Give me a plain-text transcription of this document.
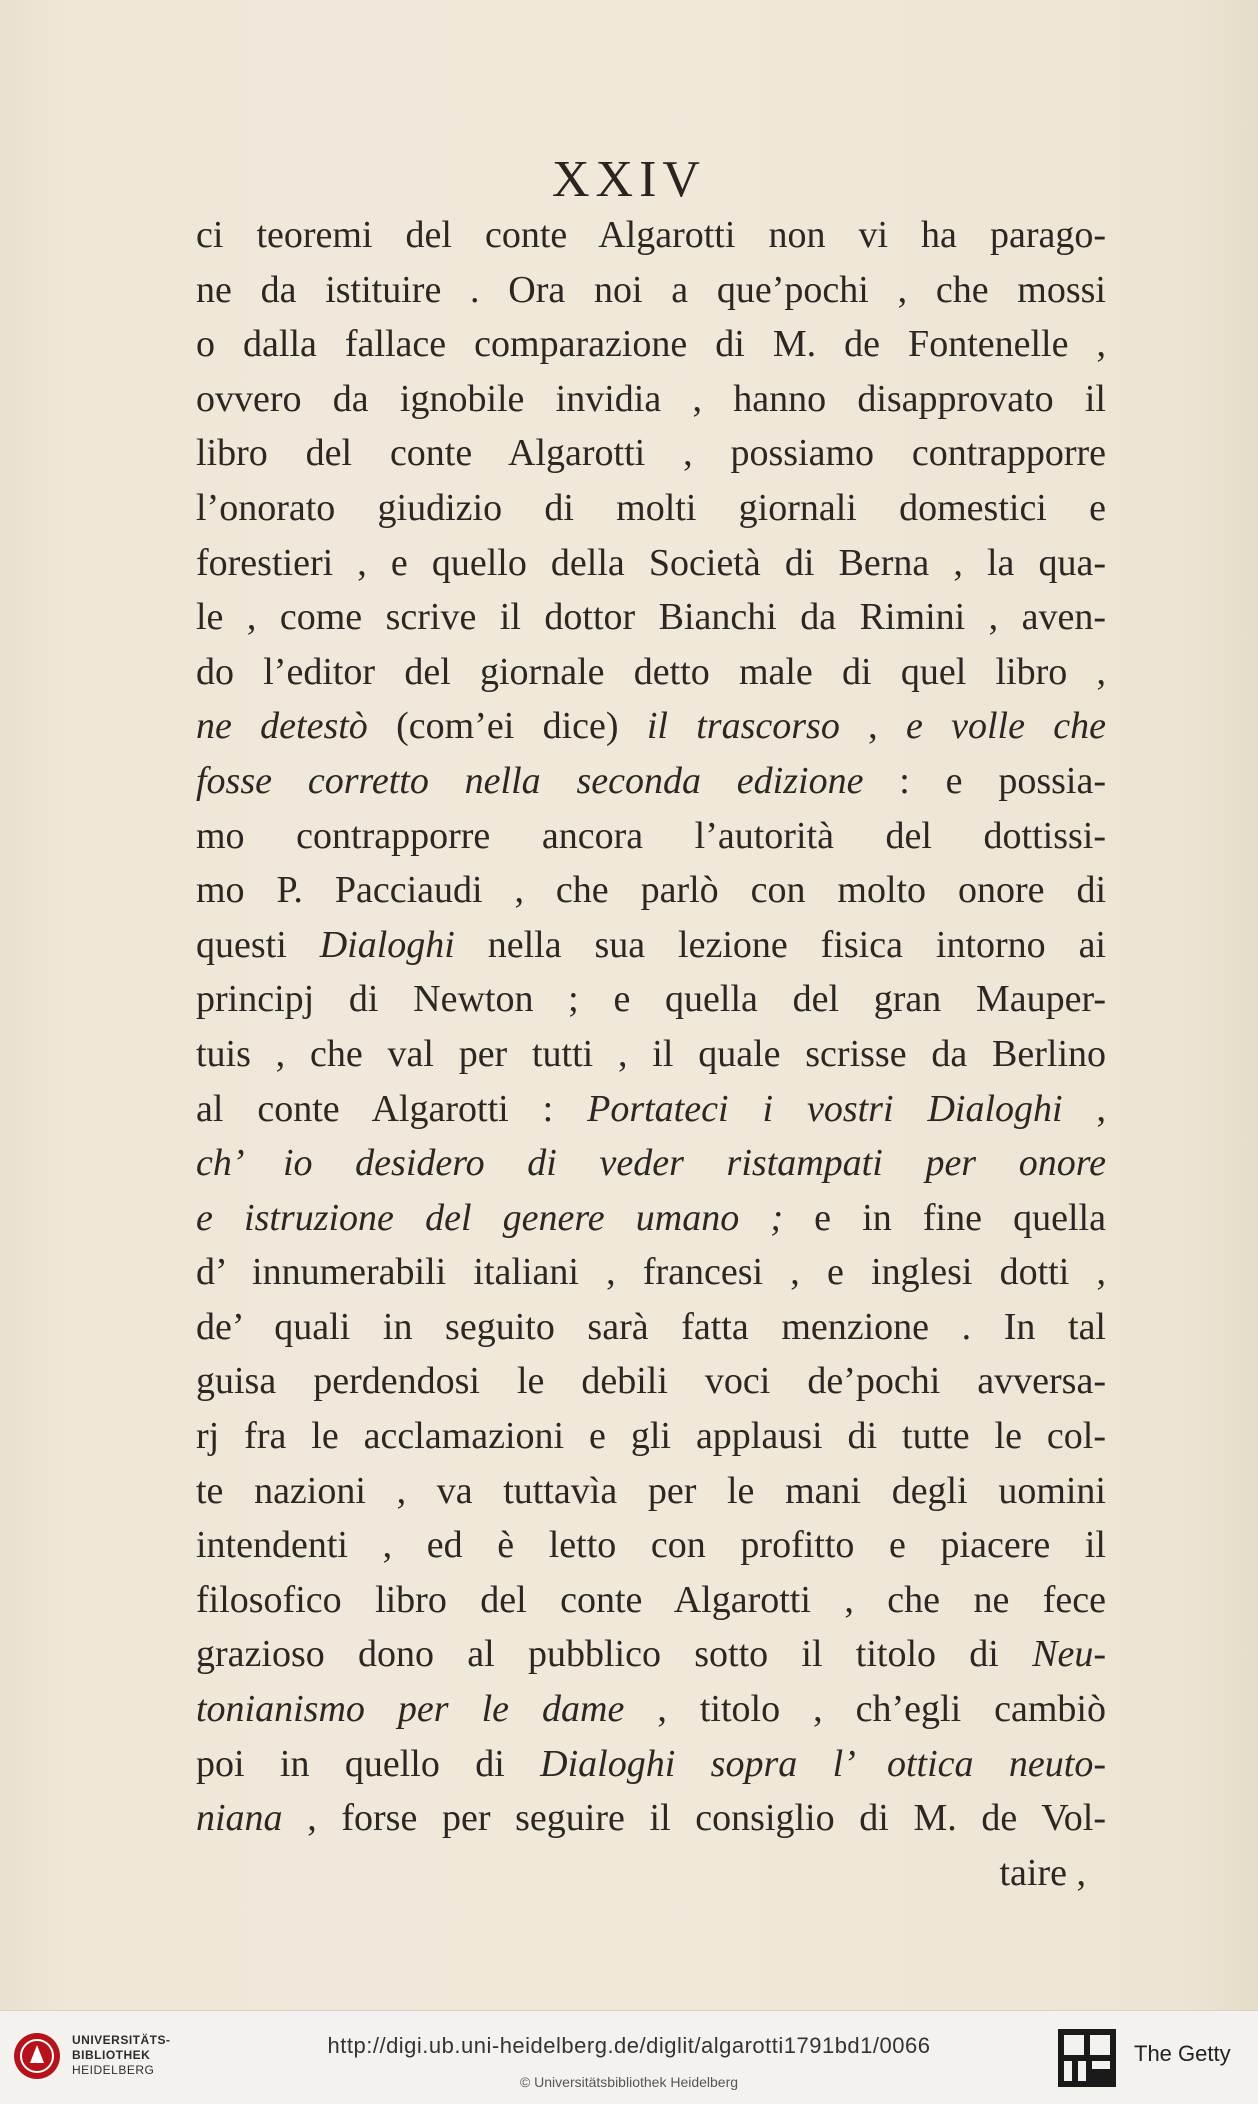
XXIV
ci teoremi del conte Algarotti non vi ha parago-
ne da istituire . Ora noi a que’pochi , che mossi
o dalla fallace comparazione di M. de Fontenelle ,
ovvero da ignobile invidia , hanno disapprovato il
libro del conte Algarotti , possiamo contrapporre
l’onorato giudizio di molti giornali domestici e
forestieri , e quello della Società di Berna , la qua-
le , come scrive il dottor Bianchi da Rimini , aven-
do l’editor del giornale detto male di quel libro ,
ne detestò (com’ei dice) il trascorso , e volle che
fosse corretto nella seconda edizione : e possia-
mo contrapporre ancora l’autorità del dottissi-
mo P. Pacciaudi , che parlò con molto onore di
questi Dialoghi nella sua lezione fisica intorno ai
principj di Newton ; e quella del gran Mauper-
tuis , che val per tutti , il quale scrisse da Berlino
al conte Algarotti : Portateci i vostri Dialoghi ,
ch’ io desidero di veder ristampati per onore
e istruzione del genere umano ; e in fine quella
d’ innumerabili italiani , francesi , e inglesi dotti ,
de’ quali in seguito sarà fatta menzione . In tal
guisa perdendosi le debili voci de’pochi avversa-
rj fra le acclamazioni e gli applausi di tutte le col-
te nazioni , va tuttavìa per le mani degli uomini
intendenti , ed è letto con profitto e piacere il
filosofico libro del conte Algarotti , che ne fece
grazioso dono al pubblico sotto il titolo di Neu-
tonianismo per le dame , titolo , ch’egli cambiò
poi in quello di Dialoghi sopra l’ ottica neuto-
niana , forse per seguire il consiglio di M. de Vol-
taire ,
UNIVERSITÄTS-
BIBLIOTHEK
HEIDELBERG
http://digi.ub.uni-heidelberg.de/diglit/algarotti1791bd1/0066
© Universitätsbibliothek Heidelberg
The Getty
